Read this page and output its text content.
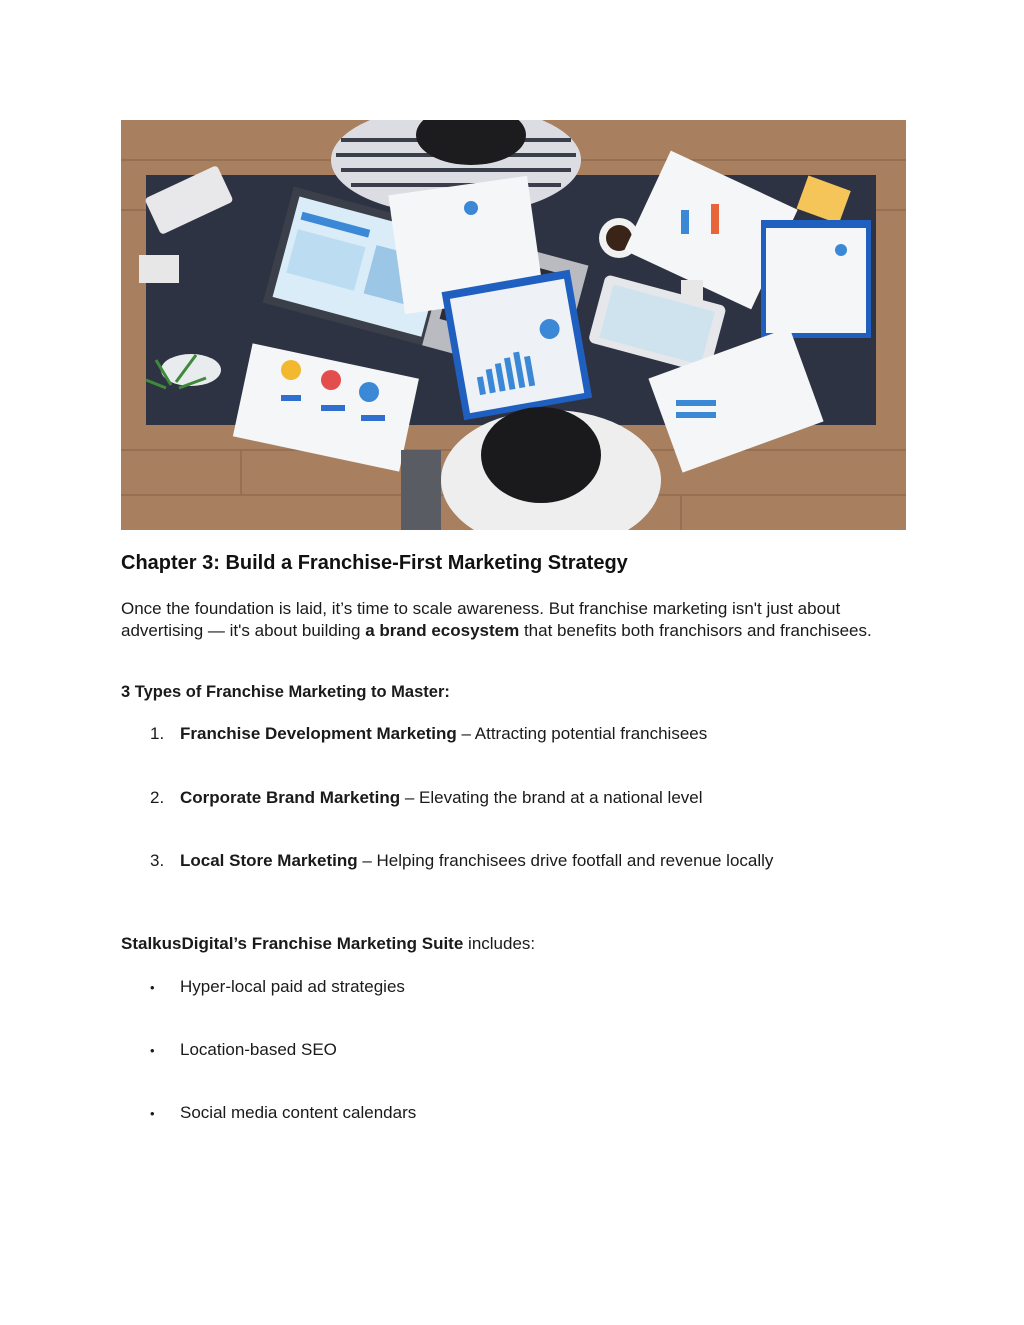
Chapter 3: Build a Franchise-First Marketing Strategy

Once the foundation is laid, it’s time to scale awareness. But franchise marketing isn't just about advertising — it's about building a brand ecosystem that benefits both franchisors and franchisees.

3 Types of Franchise Marketing to Master:

1. Franchise Development Marketing – Attracting potential franchisees
2. Corporate Brand Marketing – Elevating the brand at a national level
3. Local Store Marketing – Helping franchisees drive footfall and revenue locally

StalkusDigital’s Franchise Marketing Suite includes:

• Hyper-local paid ad strategies
• Location-based SEO
• Social media content calendars
